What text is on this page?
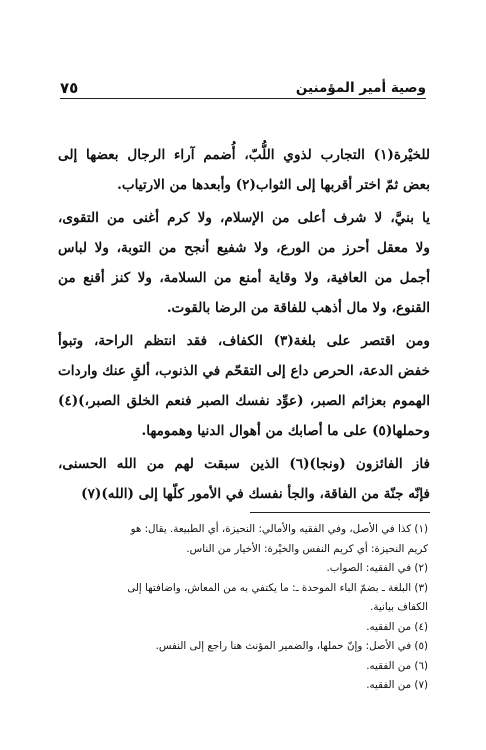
وصية أمير المؤمنين
٧٥
للخيْرة(١) التجارب لذوي اللُّبّ، أُضمم آراء الرجال بعضها إلى
بعض ثمّ اختر أقربها إلى الثواب(٢) وأبعدها من الارتياب.
يا بنيَّ، لا شرف أعلى من الإسلام، ولا كرم أغنى من التقوى،
ولا معقل أحرز من الورع، ولا شفيع أنجح من التوبة، ولا لباس
أجمل من العافية، ولا وقاية أمنع من السلامة، ولا كنز أقنع من
القنوع، ولا مال أذهب للفاقة من الرضا بالقوت.
ومن اقتصر على بلغة(٣) الكفاف، فقد انتظم الراحة، وتبوأ
خفض الدعة، الحرص داع إلى التقحّم في الذنوب، ألقِ عنك واردات
الهموم بعزائم الصبر، (عوِّد نفسك الصبر فنعم الخلق الصبر،)(٤)
وحملها(٥) على ما أصابك من أهوال الدنيا وهمومها.
فاز الفائزون (ونجا)(٦) الذين سبقت لهم من الله الحسنى،
فإنّه جنّة من الفاقة، والجأ نفسك في الأمور كلّها إلى (الله)(٧)
(١) كذا في الأصل، وفي الفقيه والأمالي: النحيزة، أي الطبيعة. يقال: هو
كريم النحيزة: أي كريم النفس والخيْرة: الأخيار من الناس.
(٢) في الفقيه: الصواب.
(٣) البلغة ـ بضمّ الباء الموحدة ـ: ما يكتفي به من المعاش، واضافتها إلى
الكفاف بيانية.
(٤) من الفقيه.
(٥) في الأصل: وإنّ حملها، والضمير المؤنث هنا راجع إلى النفس.
(٦) من الفقيه.
(٧) من الفقيه.
